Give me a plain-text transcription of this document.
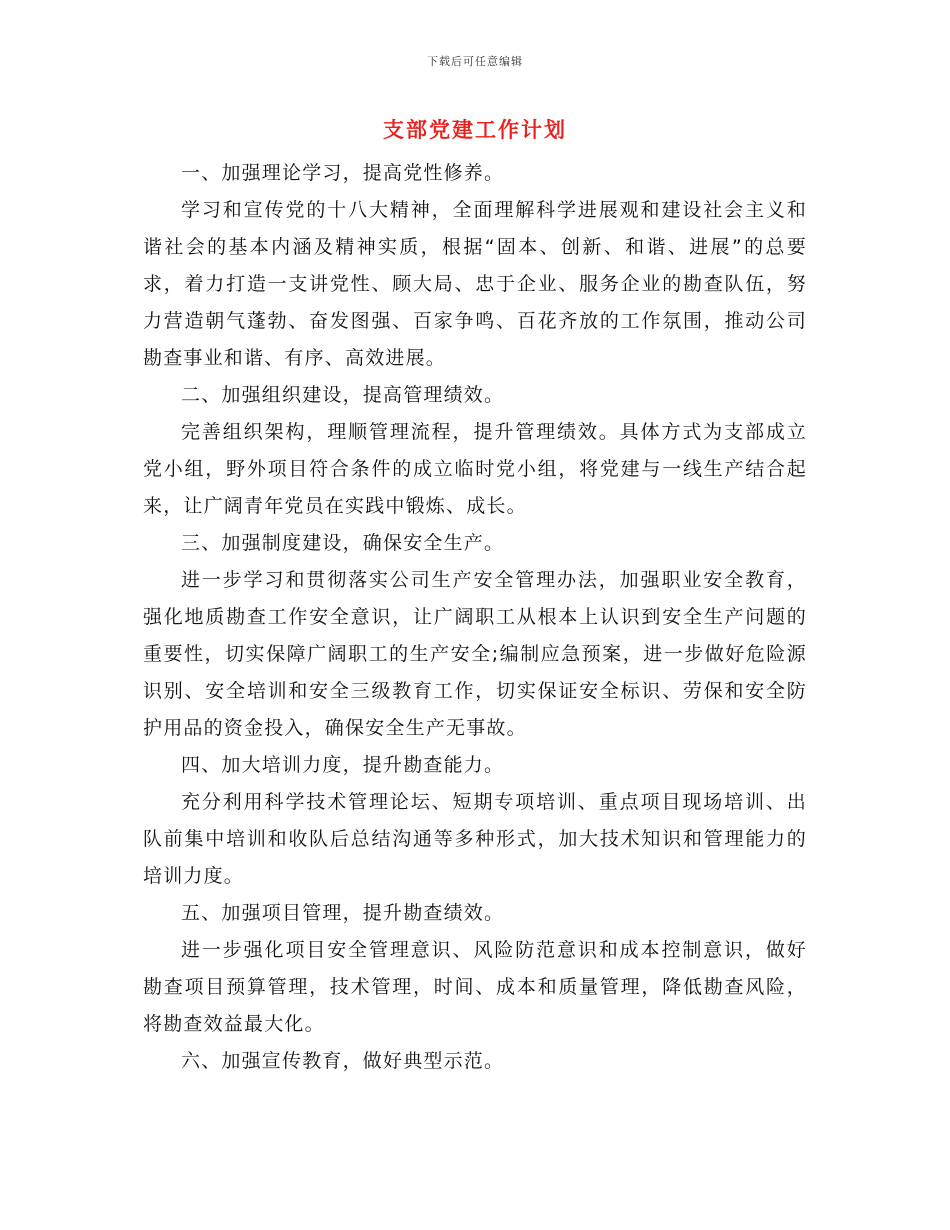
下载后可任意编辑
支部党建工作计划

一、加强理论学习，提高党性修养。

学习和宣传党的十八大精神，全面理解科学进展观和建设社会主义和谐社会的基本内涵及精神实质，根据“固本、创新、和谐、进展”的总要求，着力打造一支讲党性、顾大局、忠于企业、服务企业的勘查队伍，努力营造朝气蓬勃、奋发图强、百家争鸣、百花齐放的工作氛围，推动公司勘查事业和谐、有序、高效进展。

二、加强组织建设，提高管理绩效。

完善组织架构，理顺管理流程，提升管理绩效。具体方式为支部成立党小组，野外项目符合条件的成立临时党小组，将党建与一线生产结合起来，让广阔青年党员在实践中锻炼、成长。

三、加强制度建设，确保安全生产。

进一步学习和贯彻落实公司生产安全管理办法，加强职业安全教育，强化地质勘查工作安全意识，让广阔职工从根本上认识到安全生产问题的重要性，切实保障广阔职工的生产安全;编制应急预案，进一步做好危险源识别、安全培训和安全三级教育工作，切实保证安全标识、劳保和安全防护用品的资金投入，确保安全生产无事故。

四、加大培训力度，提升勘查能力。

充分利用科学技术管理论坛、短期专项培训、重点项目现场培训、出队前集中培训和收队后总结沟通等多种形式，加大技术知识和管理能力的培训力度。

五、加强项目管理，提升勘查绩效。

进一步强化项目安全管理意识、风险防范意识和成本控制意识，做好勘查项目预算管理，技术管理，时间、成本和质量管理，降低勘查风险，将勘查效益最大化。

六、加强宣传教育，做好典型示范。
